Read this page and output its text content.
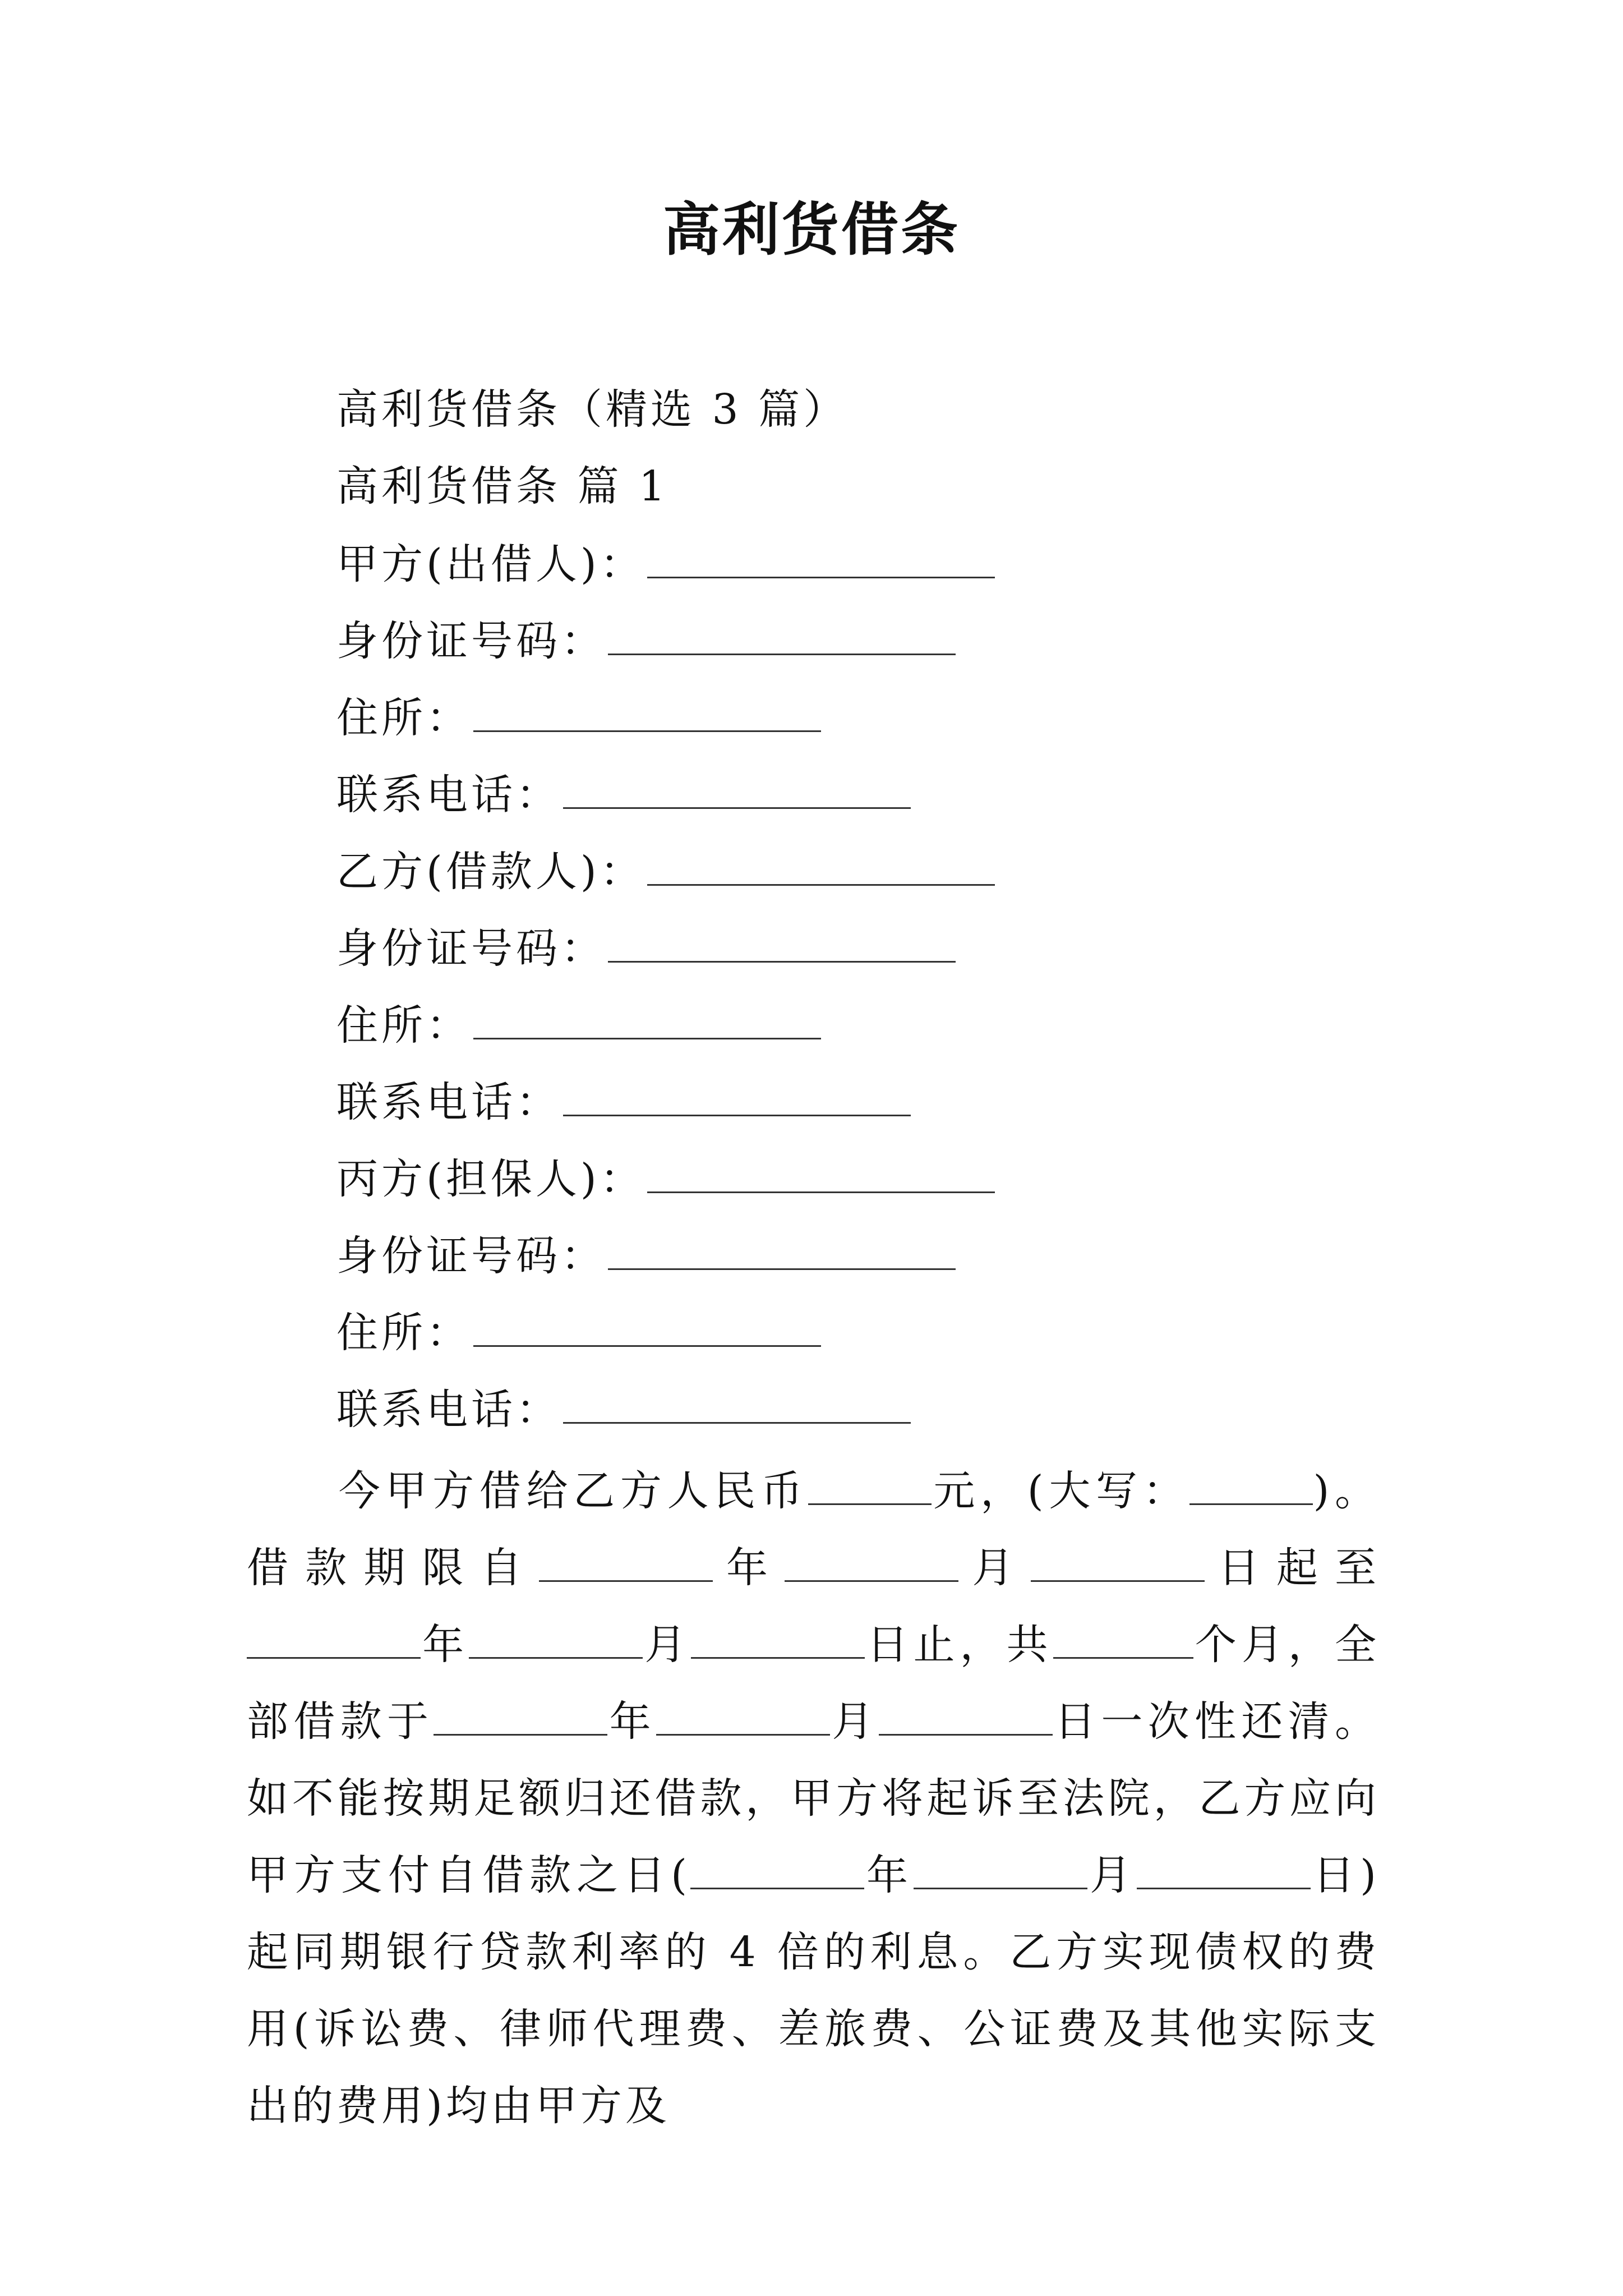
高利货借条
高利货借条（精选 3 篇）
高利货借条 篇 1
甲方(出借人)：
身份证号码：
住所：
联系电话：
乙方(借款人)：
身份证号码：
住所：
联系电话：
丙方(担保人)：
身份证号码：
住所：
联系电话：
今甲方借给乙方人民币	元，(大写：	)。借款期限自	年	月	日起至年	月	日止，共	个月，全部借款于	年	月	日一次性还清。如不能按期足额归还借款，甲方将起诉至法院，乙方应向甲方支付自借款之日(	年	月	日)起同期银行贷款利率的 4 倍的利息。乙方实现债权的费用(诉讼费、律师代理费、差旅费、公证费及其他实际支出的费用)均由甲方及
